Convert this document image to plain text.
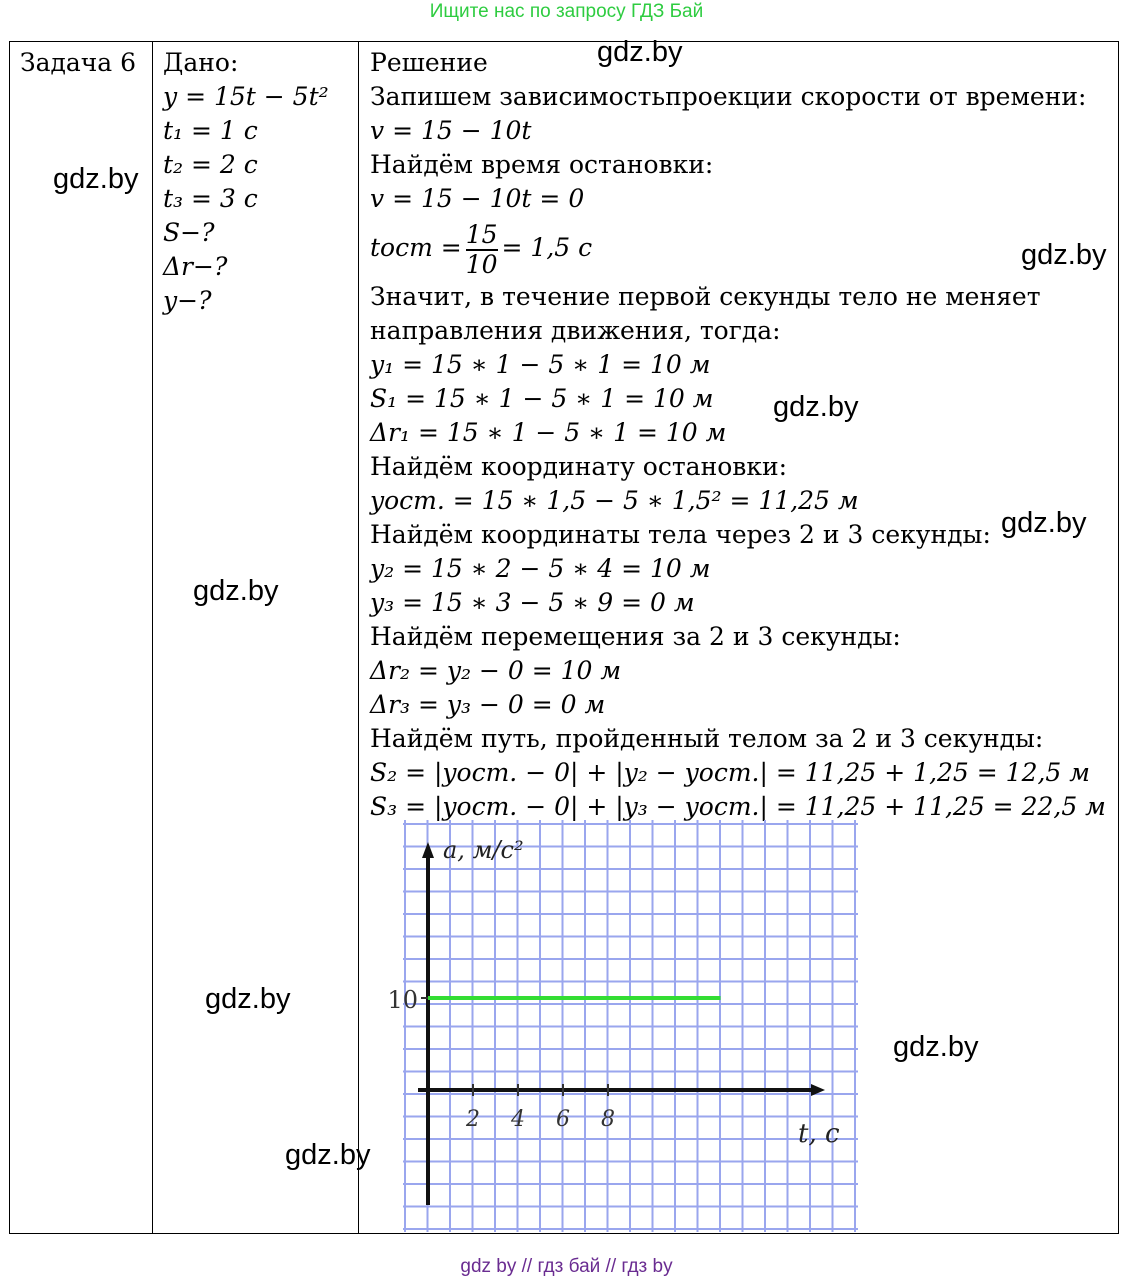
Ищите нас по запросу ГДЗ Бай
Задача 6 Дано:
y = 15t − 5t²
t₁ = 1 c
t₂ = 2 c
t₃ = 3 c
S−?
Δr−?
y−?
Решение
Запишем зависимостьпроекции скорости от времени:
v = 15 − 10t
Найдём время остановки:
v = 15 − 10t = 0
tост = $\frac{15}{10} = 1,5$ c
Значит, в течение первой секунды тело не меняет
направления движения, тогда:
y₁ = 15 ∗ 1 − 5 ∗ 1 = 10 м
S₁ = 15 ∗ 1 − 5 ∗ 1 = 10 м
Δr₁ = 15 ∗ 1 − 5 ∗ 1 = 10 м
Найдём координату остановки:
yост. = 15 ∗ 1,5 − 5 ∗ 1,5² = 11,25 м
Найдём координаты тела через 2 и 3 секунды:
y₂ = 15 ∗ 2 − 5 ∗ 4 = 10 м
y₃ = 15 ∗ 3 − 5 ∗ 9 = 0 м
Найдём перемещения за 2 и 3 секунды:
Δr₂ = y₂ − 0 = 10 м
Δr₃ = y₃ − 0 = 0 м
Найдём путь, пройденный телом за 2 и 3 секунды:
S₂ = |yост. − 0| + |y₂ − yост.| = 11,25 + 1,25 = 12,5 м
S₃ = |yост. − 0| + |y₃ − yост.| = 11,25 + 11,25 = 22,5 м
2 4 6 8
10
a, м/с²
t, c
gdz.by
gdz.by
gdz.by
gdz.by
gdz.by
gdz.by
gdz.by
gdz.by
gdz.by
gdz by // гдз бай // гдз by
